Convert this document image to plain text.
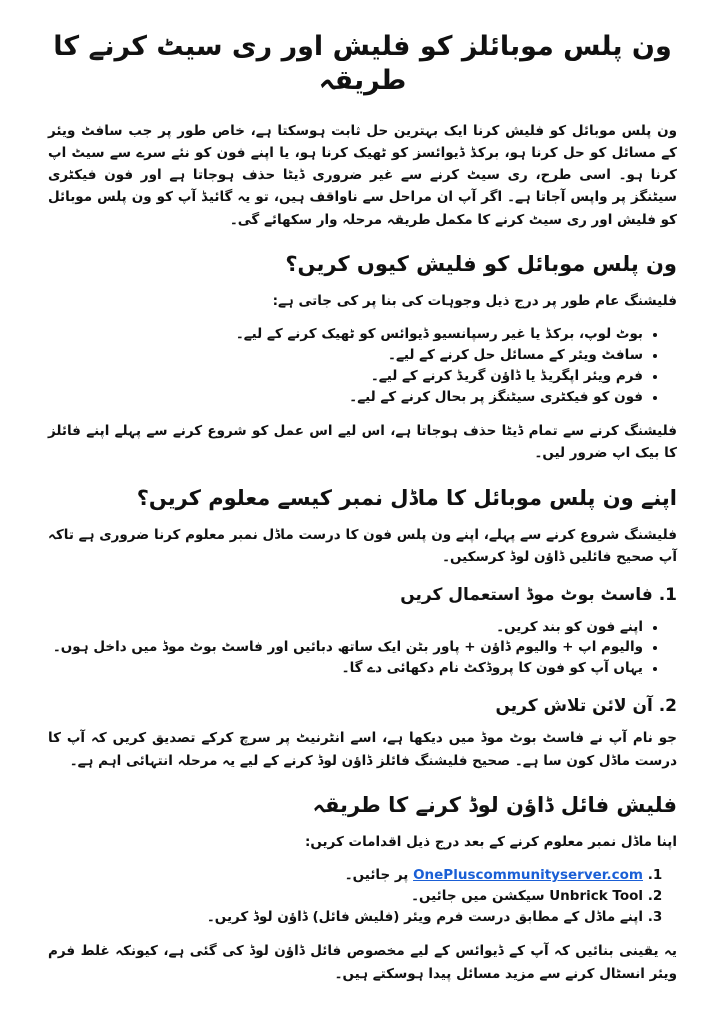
ون پلس موبائلز کو فلیش اور ری سیٹ کرنے کا طریقہ

ون پلس موبائل کو فلیش کرنا ایک بہترین حل ثابت ہوسکتا ہے، خاص طور پر جب سافٹ ویئر کے مسائل کو حل کرنا ہو، برکڈ ڈیوائسز کو ٹھیک کرنا ہو، یا اپنے فون کو نئے سرے سے سیٹ اپ کرنا ہو۔ اسی طرح، ری سیٹ کرنے سے غیر ضروری ڈیٹا حذف ہوجاتا ہے اور فون فیکٹری سیٹنگز پر واپس آجاتا ہے۔ اگر آپ ان مراحل سے ناواقف ہیں، تو یہ گائیڈ آپ کو ون پلس موبائل کو فلیش اور ری سیٹ کرنے کا مکمل طریقہ مرحلہ وار سکھائے گی۔

ون پلس موبائل کو فلیش کیوں کریں؟

فلیشنگ عام طور پر درج ذیل وجوہات کی بنا پر کی جاتی ہے:

• بوٹ لوپ، برکڈ یا غیر رسپانسیو ڈیوائس کو ٹھیک کرنے کے لیے۔
• سافٹ ویئر کے مسائل حل کرنے کے لیے۔
• فرم ویئر اپگریڈ یا ڈاؤن گریڈ کرنے کے لیے۔
• فون کو فیکٹری سیٹنگز پر بحال کرنے کے لیے۔

فلیشنگ کرنے سے تمام ڈیٹا حذف ہوجاتا ہے، اس لیے اس عمل کو شروع کرنے سے پہلے اپنے فائلز کا بیک اپ ضرور لیں۔

اپنے ون پلس موبائل کا ماڈل نمبر کیسے معلوم کریں؟

فلیشنگ شروع کرنے سے پہلے، اپنے ون پلس فون کا درست ماڈل نمبر معلوم کرنا ضروری ہے تاکہ آپ صحیح فائلیں ڈاؤن لوڈ کرسکیں۔

1. فاسٹ بوٹ موڈ استعمال کریں
• اپنے فون کو بند کریں۔
• والیوم اپ + والیوم ڈاؤن + پاور بٹن ایک ساتھ دبائیں اور فاسٹ بوٹ موڈ میں داخل ہوں۔
• یہاں آپ کو فون کا پروڈکٹ نام دکھائی دے گا۔
2. آن لائن تلاش کریں

جو نام آپ نے فاسٹ بوٹ موڈ میں دیکھا ہے، اسے انٹرنیٹ پر سرچ کرکے تصدیق کریں کہ آپ کا درست ماڈل کون سا ہے۔ صحیح فلیشنگ فائلز ڈاؤن لوڈ کرنے کے لیے یہ مرحلہ انتہائی اہم ہے۔

فلیش فائل ڈاؤن لوڈ کرنے کا طریقہ

اپنا ماڈل نمبر معلوم کرنے کے بعد درج ذیل اقدامات کریں:

1. OnePluscommunityserver.com پر جائیں۔
2. Unbrick Tool سیکشن میں جائیں۔
3. اپنے ماڈل کے مطابق درست فرم ویئر (فلیش فائل) ڈاؤن لوڈ کریں۔

یہ یقینی بنائیں کہ آپ کے ڈیوائس کے لیے مخصوص فائل ڈاؤن لوڈ کی گئی ہے، کیونکہ غلط فرم ویئر انسٹال کرنے سے مزید مسائل پیدا ہوسکتے ہیں۔
